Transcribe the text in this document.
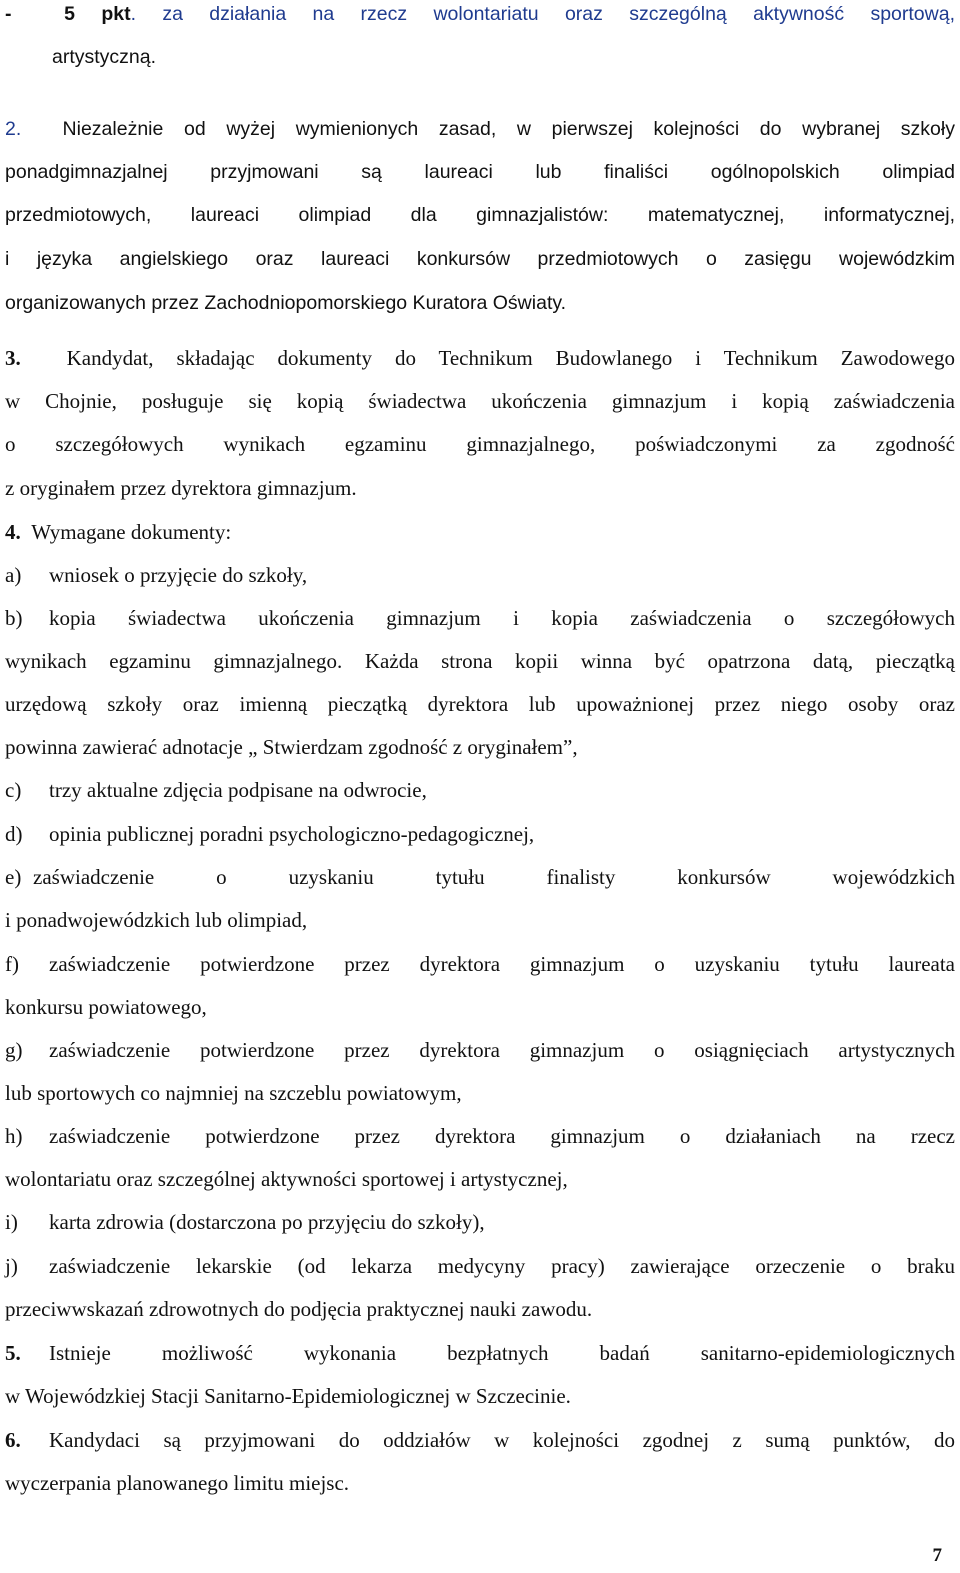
-	5 pkt. za działania na rzecz wolontariatu oraz szczególną aktywność sportową,
artystyczną.
2. Niezależnie od wyżej wymienionych zasad, w pierwszej kolejności do wybranej szkoły
ponadgimnazjalnej przyjmowani są laureaci lub finaliści ogólnopolskich olimpiad
przedmiotowych, laureaci olimpiad dla gimnazjalistów: matematycznej, informatycznej,
i języka angielskiego oraz laureaci konkursów przedmiotowych o zasięgu wojewódzkim
organizowanych przez Zachodniopomorskiego Kuratora Oświaty.
3. Kandydat, składając dokumenty do Technikum Budowlanego i Technikum Zawodowego
w Chojnie, posługuje się kopią świadectwa ukończenia gimnazjum i kopią zaświadczenia
o szczegółowych wynikach egzaminu gimnazjalnego, poświadczonymi za zgodność
z oryginałem przez dyrektora gimnazjum.
4. Wymagane dokumenty:
a) wniosek o przyjęcie do szkoły,
b) kopia świadectwa ukończenia gimnazjum i kopia zaświadczenia o szczegółowych
wynikach egzaminu gimnazjalnego. Każda strona kopii winna być opatrzona datą, pieczątką
urzędową szkoły oraz imienną pieczątką dyrektora lub upoważnionej przez niego osoby oraz
powinna zawierać adnotacje „ Stwierdzam zgodność z oryginałem”,
c) trzy aktualne zdjęcia podpisane na odwrocie,
d) opinia publicznej poradni psychologiczno-pedagogicznej,
e) zaświadczenie o uzyskaniu tytułu finalisty konkursów wojewódzkich
i ponadwojewódzkich lub olimpiad,
f) zaświadczenie potwierdzone przez dyrektora gimnazjum o uzyskaniu tytułu laureata
konkursu powiatowego,
g) zaświadczenie potwierdzone przez dyrektora gimnazjum o osiągnięciach artystycznych
lub sportowych co najmniej na szczeblu powiatowym,
h) zaświadczenie potwierdzone przez dyrektora gimnazjum o działaniach na rzecz
wolontariatu oraz szczególnej aktywności sportowej i artystycznej,
i) karta zdrowia (dostarczona po przyjęciu do szkoły),
j) zaświadczenie lekarskie (od lekarza medycyny pracy) zawierające orzeczenie o braku
przeciwwskazań zdrowotnych do podjęcia praktycznej nauki zawodu.
5. Istnieje możliwość wykonania bezpłatnych badań sanitarno-epidemiologicznych
w Wojewódzkiej Stacji Sanitarno-Epidemiologicznej w Szczecinie.
6. Kandydaci są przyjmowani do oddziałów w kolejności zgodnej z sumą punktów, do
wyczerpania planowanego limitu miejsc.
7
